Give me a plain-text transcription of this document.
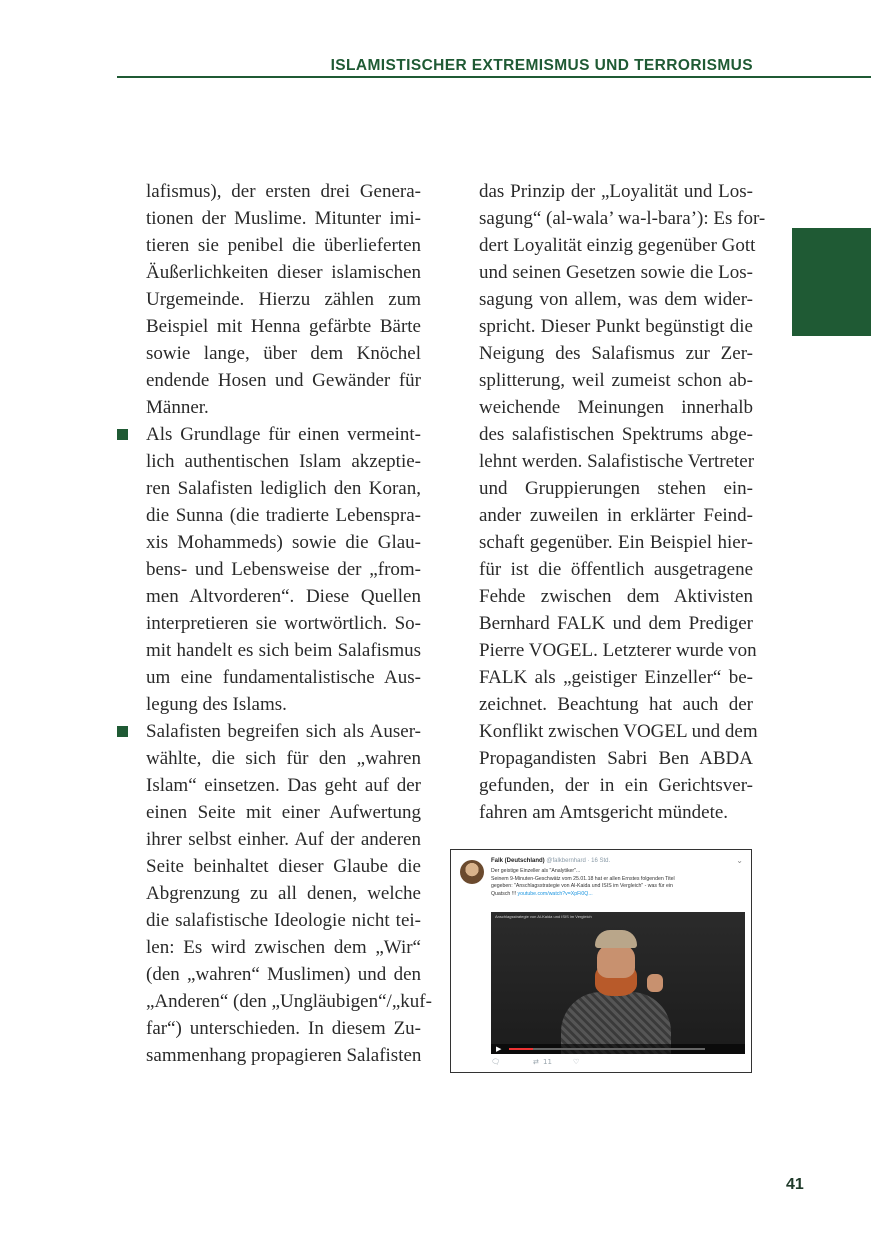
ISLAMISTISCHER EXTREMISMUS UND TERRORISMUS
lafismus), der ersten drei Genera-
tionen der Muslime. Mitunter imi-
tieren sie penibel die überlieferten
Äußerlichkeiten dieser islamischen
Urgemeinde. Hierzu zählen zum
Beispiel mit Henna gefärbte Bärte
sowie lange, über dem Knöchel
endende Hosen und Gewänder für
Männer.
Als Grundlage für einen vermeint-
lich authentischen Islam akzeptie-
ren Salafisten lediglich den Koran,
die Sunna (die tradierte Lebenspra-
xis Mohammeds) sowie die Glau-
bens- und Lebensweise der „from-
men Altvorderen“. Diese Quellen
interpretieren sie wortwörtlich. So-
mit handelt es sich beim Salafismus
um eine fundamentalistische Aus-
legung des Islams.
Salafisten begreifen sich als Auser-
wählte, die sich für den „wahren
Islam“ einsetzen. Das geht auf der
einen Seite mit einer Aufwertung
ihrer selbst einher. Auf der anderen
Seite beinhaltet dieser Glaube die
Abgrenzung zu all denen, welche
die salafistische Ideologie nicht tei-
len: Es wird zwischen dem „Wir“
(den „wahren“ Muslimen) und den
„Anderen“ (den „Ungläubigen“/„kuf-
far“) unterschieden. In diesem Zu-
sammenhang propagieren Salafisten
das Prinzip der „Loyalität und Los-
sagung“ (al-wala’ wa-l-bara’): Es for-
dert Loyalität einzig gegenüber Gott
und seinen Gesetzen sowie die Los-
sagung von allem, was dem wider-
spricht. Dieser Punkt begünstigt die
Neigung des Salafismus zur Zer-
splitterung, weil zumeist schon ab-
weichende Meinungen innerhalb
des salafistischen Spektrums abge-
lehnt werden. Salafistische Vertreter
und Gruppierungen stehen ein-
ander zuweilen in erklärter Feind-
schaft gegenüber. Ein Beispiel hier-
für ist die öffentlich ausgetragene
Fehde zwischen dem Aktivisten
Bernhard FALK und dem Prediger
Pierre VOGEL. Letzterer wurde von
FALK als „geistiger Einzeller“ be-
zeichnet. Beachtung hat auch der
Konflikt zwischen VOGEL und dem
Propagandisten Sabri Ben ABDA
gefunden, der in ein Gerichtsver-
fahren am Amtsgericht mündete.
Falk (Deutschland) @falkbernhard · 16 Std.	⌄
Der geistige Einzeller als "Analytiker"...
Seinem 9-Minuten-Geschwätz vom 25.01.18 hat er allen Ernstes folgenden Titel
gegeben: "Anschlagsstrategie von Al-Kaida und ISIS im Vergleich" - was für ein
Quatsch !!! youtube.com/watch?v=XpFi0Q...
Anschlagsstrategie von Al-Kaida und ISIS im Vergleich
▶
🗨	⇄ 11	♡
41
